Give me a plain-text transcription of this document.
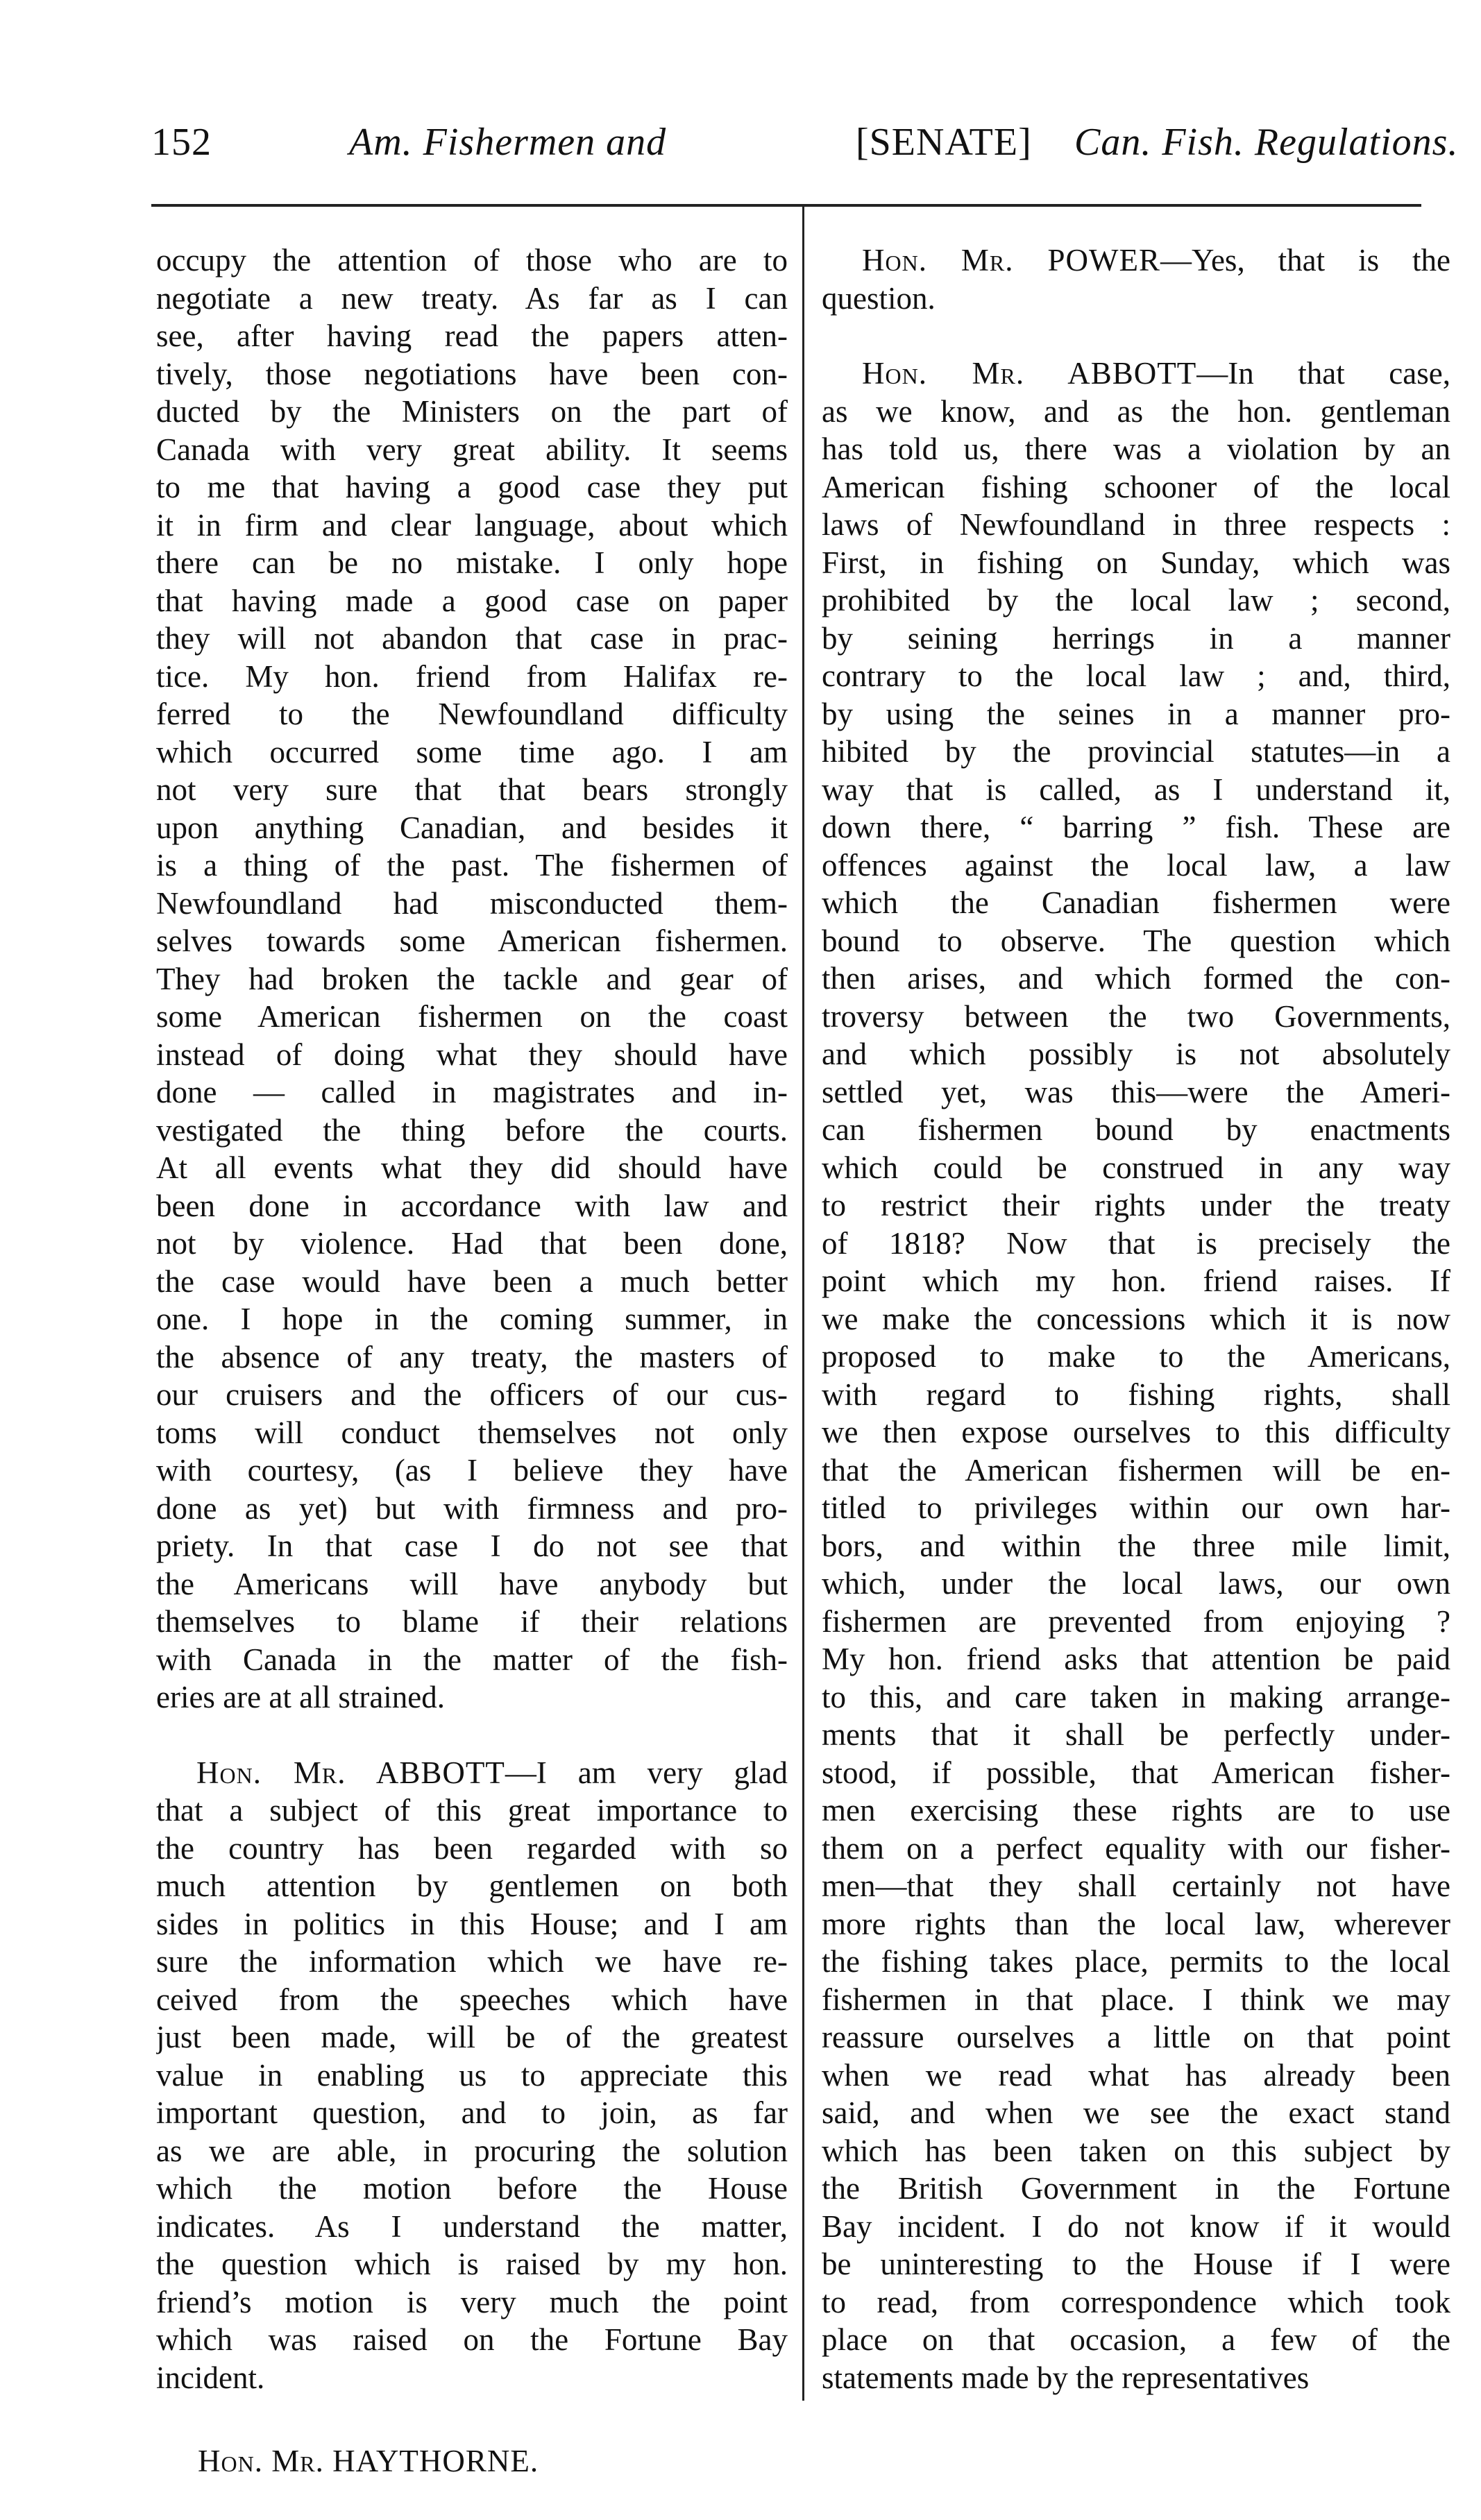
152	Am. Fishermen and	[SENATE] Can. Fish. Regulations.
occupy the attention of those who are to
negotiate a new treaty. As far as I can
see, after having read the papers atten-
tively, those negotiations have been con-
ducted by the Ministers on the part of
Canada with very great ability. It seems
to me that having a good case they put
it in firm and clear language, about which
there can be no mistake. I only hope
that having made a good case on paper
they will not abandon that case in prac-
tice. My hon. friend from Halifax re-
ferred to the Newfoundland difficulty
which occurred some time ago. I am
not very sure that that bears strongly
upon anything Canadian, and besides it
is a thing of the past. The fishermen of
Newfoundland had misconducted them-
selves towards some American fishermen.
They had broken the tackle and gear of
some American fishermen on the coast
instead of doing what they should have
done — called in magistrates and in-
vestigated the thing before the courts.
At all events what they did should have
been done in accordance with law and
not by violence. Had that been done,
the case would have been a much better
one. I hope in the coming summer, in
the absence of any treaty, the masters of
our cruisers and the officers of our cus-
toms will conduct themselves not only
with courtesy, (as I believe they have
done as yet) but with firmness and pro-
priety. In that case I do not see that
the Americans will have anybody but
themselves to blame if their relations
with Canada in the matter of the fish-
eries are at all strained.
Hon. Mr. ABBOTT—I am very glad
that a subject of this great importance to
the country has been regarded with so
much attention by gentlemen on both
sides in politics in this House; and I am
sure the information which we have re-
ceived from the speeches which have
just been made, will be of the greatest
value in enabling us to appreciate this
important question, and to join, as far
as we are able, in procuring the solution
which the motion before the House
indicates. As I understand the matter,
the question which is raised by my hon.
friend’s motion is very much the point
which was raised on the Fortune Bay
incident.
Hon. Mr. POWER—Yes, that is the
question.
Hon. Mr. ABBOTT—In that case,
as we know, and as the hon. gentleman
has told us, there was a violation by an
American fishing schooner of the local
laws of Newfoundland in three respects :
First, in fishing on Sunday, which was
prohibited by the local law ; second,
by seining herrings in a manner
contrary to the local law ; and, third,
by using the seines in a manner pro-
hibited by the provincial statutes—in a
way that is called, as I understand it,
down there, “ barring ” fish. These are
offences against the local law, a law
which the Canadian fishermen were
bound to observe. The question which
then arises, and which formed the con-
troversy between the two Governments,
and which possibly is not absolutely
settled yet, was this—were the Ameri-
can fishermen bound by enactments
which could be construed in any way
to restrict their rights under the treaty
of 1818? Now that is precisely the
point which my hon. friend raises. If
we make the concessions which it is now
proposed to make to the Americans,
with regard to fishing rights, shall
we then expose ourselves to this difficulty
that the American fishermen will be en-
titled to privileges within our own har-
bors, and within the three mile limit,
which, under the local laws, our own
fishermen are prevented from enjoying ?
My hon. friend asks that attention be paid
to this, and care taken in making arrange-
ments that it shall be perfectly under-
stood, if possible, that American fisher-
men exercising these rights are to use
them on a perfect equality with our fisher-
men—that they shall certainly not have
more rights than the local law, wherever
the fishing takes place, permits to the local
fishermen in that place. I think we may
reassure ourselves a little on that point
when we read what has already been
said, and when we see the exact stand
which has been taken on this subject by
the British Government in the Fortune
Bay incident. I do not know if it would
be uninteresting to the House if I were
to read, from correspondence which took
place on that occasion, a few of the
statements made by the representatives
Hon. Mr. HAYTHORNE.
